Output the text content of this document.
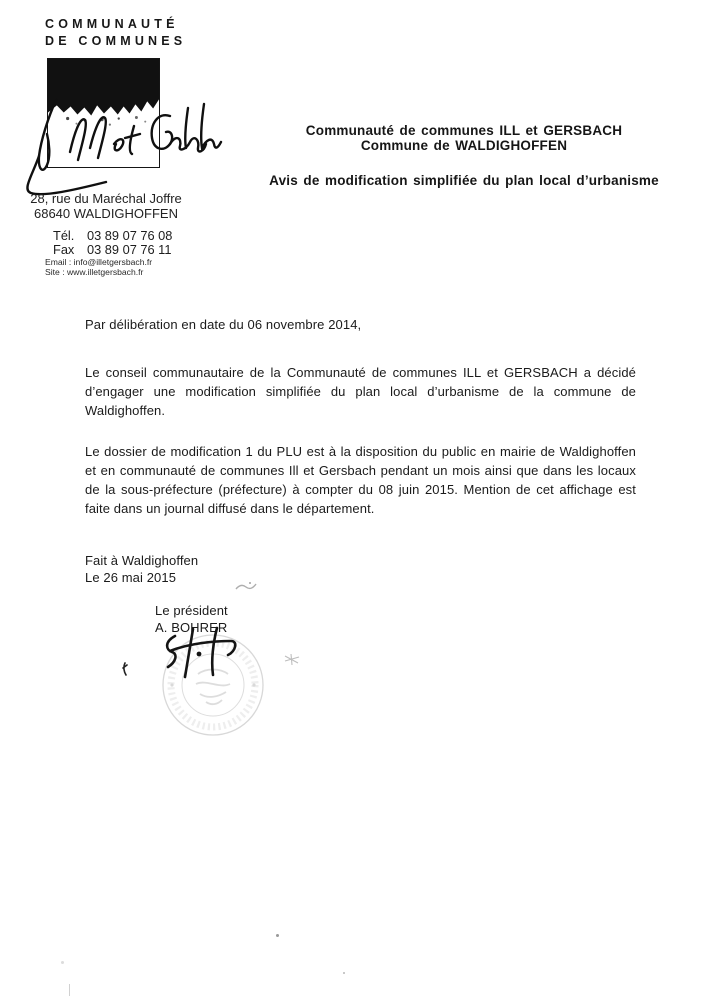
COMMUNAUTÉ
DE COMMUNES
28, rue du Maréchal Joffre
68640 WALDIGHOFFEN
Tél. 03 89 07 76 08
Fax 03 89 07 76 11
Email : info@illetgersbach.fr
Site : www.illetgersbach.fr
Communauté de communes ILL et GERSBACH
Commune de WALDIGHOFFEN
Avis de modification simplifiée du plan local d’urbanisme
Par délibération en date du 06 novembre 2014,
Le conseil communautaire de la Communauté de communes ILL et GERSBACH a décidé d’engager une modification simplifiée du plan local d’urbanisme de la commune de Waldighoffen.
Le dossier de modification 1 du PLU est à la disposition du public en mairie de Waldighoffen et en communauté de communes Ill et Gersbach pendant un mois ainsi que dans les locaux de la sous-préfecture (préfecture) à compter du 08 juin 2015. Mention de cet affichage est faite dans un journal diffusé dans le département.
Fait à Waldighoffen
Le 26 mai 2015
Le président
A. BOHRER
